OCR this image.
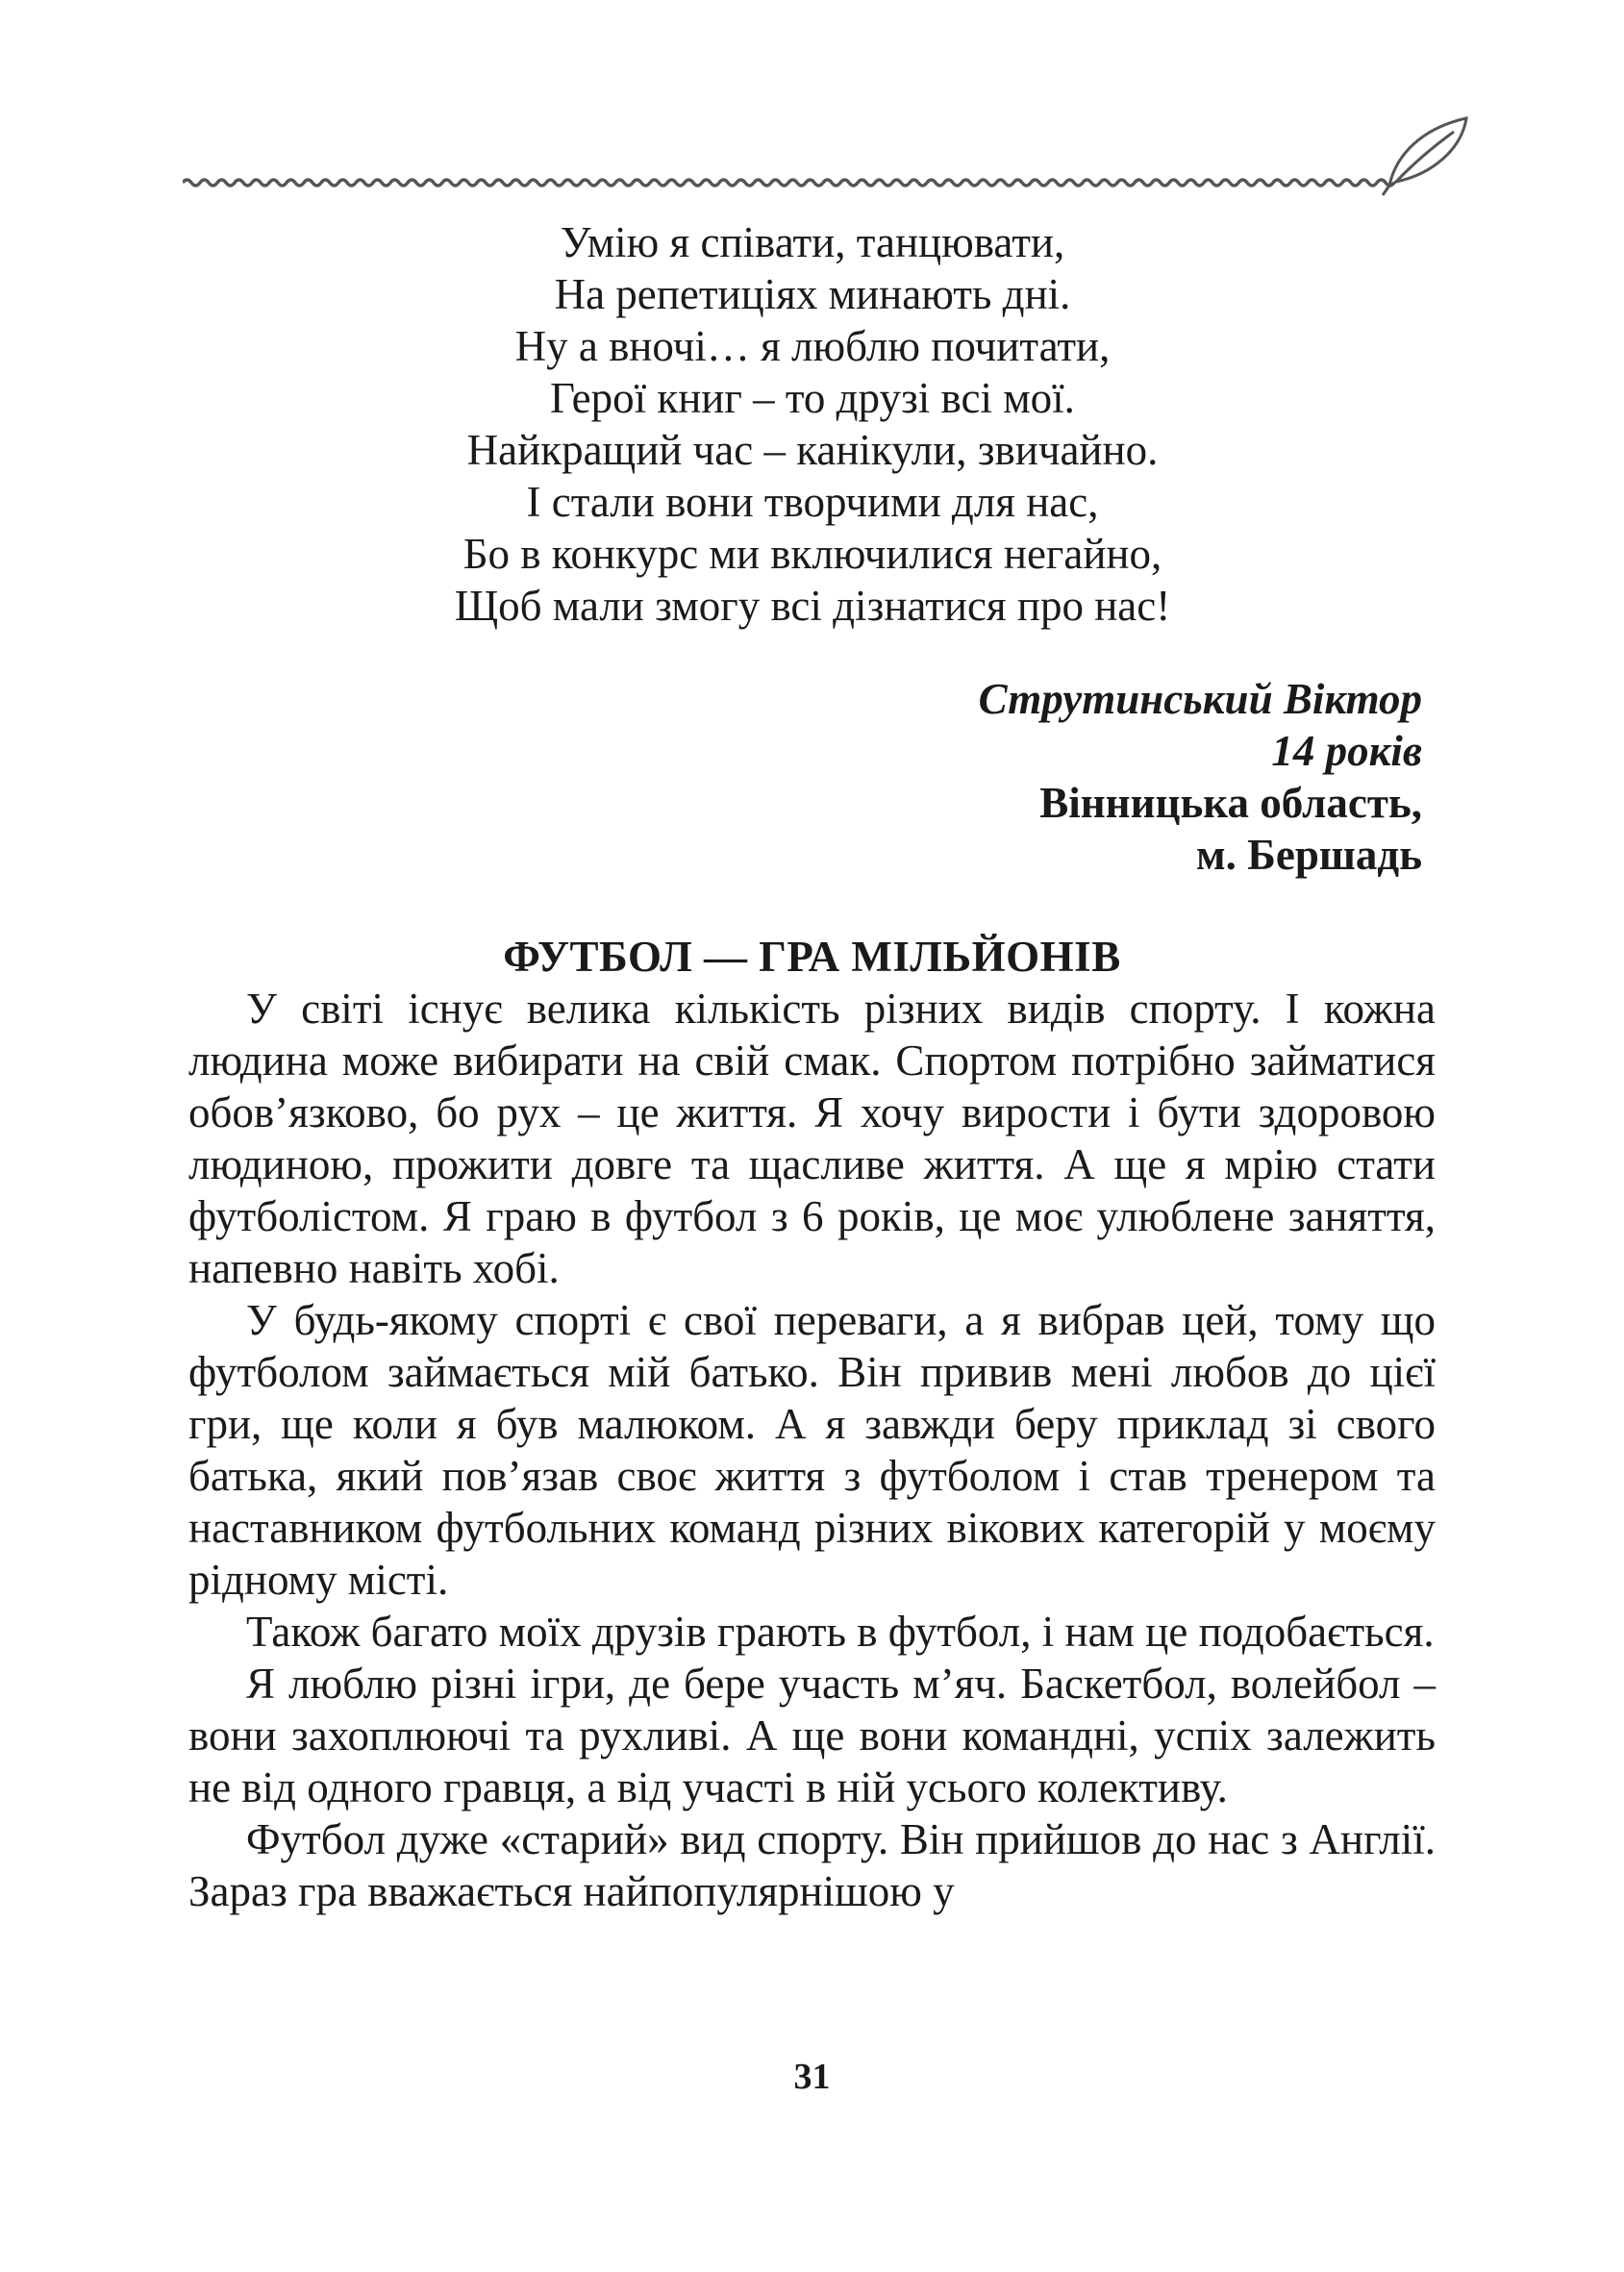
Умію я співати, танцювати,
На репетиціях минають дні.
Ну а вночі… я люблю почитати,
Герої книг – то друзі всі мої.
Найкращий час – канікули, звичайно.
І стали вони творчими для нас,
Бо в конкурс ми включилися негайно,
Щоб мали змогу всі дізнатися про нас!
Струтинський Віктор
14 років
Вінницька область,
м. Бершадь
ФУТБОЛ — ГРА МІЛЬЙОНІВ

У світі існує велика кількість різних видів спорту. І кожна людина може вибирати на свій смак. Спортом потрібно займатися обов’язково, бо рух – це життя. Я хочу вирости і бути здоровою людиною, прожити довге та щасливе життя. А ще я мрію стати футболістом. Я граю в футбол з 6 років, це моє улюблене заняття, напевно навіть хобі.

У будь-якому спорті є свої переваги, а я вибрав цей, тому що футболом займається мій батько. Він привив мені любов до цієї гри, ще коли я був малюком. А я завжди беру приклад зі свого батька, який пов’язав своє життя з футболом і став тренером та наставником футбольних команд різних вікових категорій у моєму рідному місті.

Також багато моїх друзів грають в футбол, і нам це подобається.

Я люблю різні ігри, де бере участь м’яч. Баскетбол, волейбол – вони захоплюючі та рухливі. А ще вони командні, успіх залежить не від одного гравця, а від участі в ній усього колективу.

Футбол дуже «старий» вид спорту. Він прийшов до нас з Англії. Зараз гра вважається найпопулярнішою у

31
